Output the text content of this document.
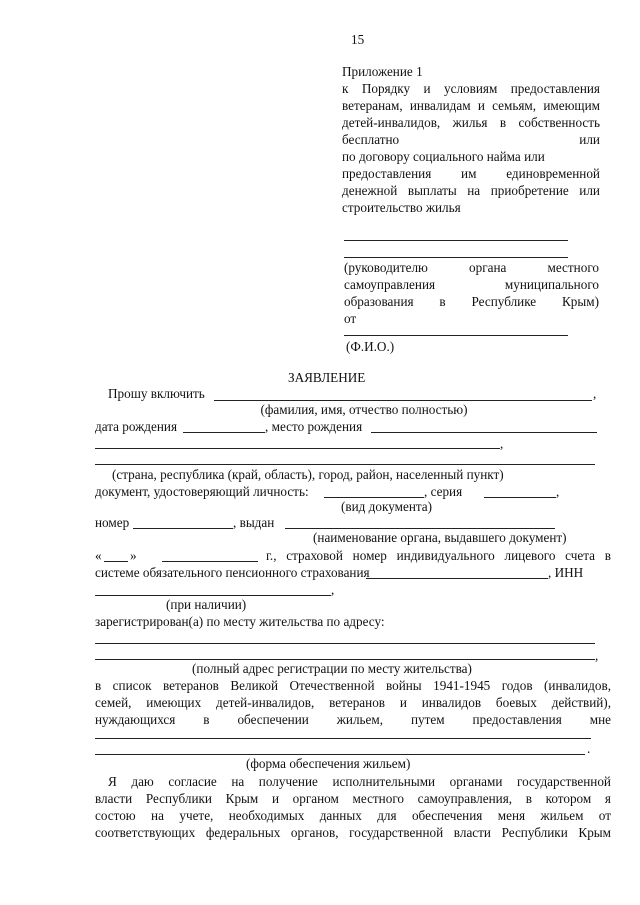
15
Приложение 1
к Порядку и условиям предоставления
ветеранам, инвалидам и семьям, имеющим
детей-инвалидов, жилья в собственность
бесплатно или
по договору социального найма или
предоставления им единовременной
денежной выплаты на приобретение или
строительство жилья
(руководителю органа местного
самоуправления муниципального
образования в Республике Крым)
от
(Ф.И.О.)
ЗАЯВЛЕНИЕ
Прошу включить	,
(фамилия, имя, отчество полностью)
дата рождения	, место рождения
,
(страна, республика (край, область), город, район, населенный пункт)
документ, удостоверяющий личность:	, серия	,
(вид документа)
номер	, выдан
(наименование органа, выдавшего документ)
« »	г., страховой номер индивидуального лицевого счета в
системе обязательного пенсионного страхования	, ИНН
,
(при наличии)
зарегистрирован(а) по месту жительства по адресу:
,
(полный адрес регистрации по месту жительства)
в список ветеранов Великой Отечественной войны 1941-1945 годов (инвалидов,
семей, имеющих детей-инвалидов, ветеранов и инвалидов боевых действий),
нуждающихся в обеспечении жильем, путем предоставления мне
.
(форма обеспечения жильем)
Я даю согласие на получение исполнительными органами государственной
власти Республики Крым и органом местного самоуправления, в котором я
состою на учете, необходимых данных для обеспечения меня жильем от
соответствующих федеральных органов, государственной власти Республики Крым
